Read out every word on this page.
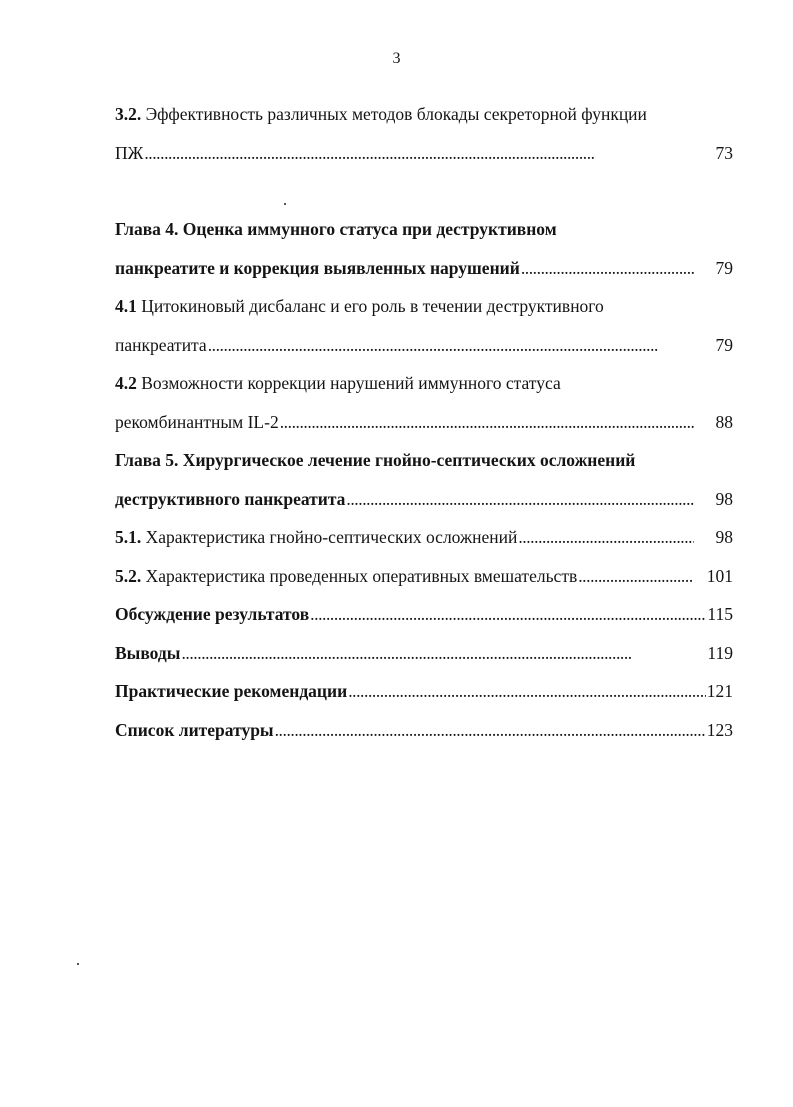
3
3.2. Эффективность различных методов блокады секреторной функции
ПЖ . . .	73
Глава 4. Оценка иммунного статуса при деструктивном
панкреатите и коррекция выявленных нарушений . . .	79
4.1 Цитокиновый дисбаланс и его роль в течении деструктивного
панкреатита . . .	79
4.2 Возможности коррекции нарушений иммунного статуса
рекомбинантным IL-2 . . .	88
Глава 5. Хирургическое лечение гнойно-септических осложнений
деструктивного панкреатита . . .	98
5.1. Характеристика гнойно-септических осложнений . . .	98
5.2. Характеристика проведенных оперативных вмешательств . . .	101
Обсуждение результатов . . .	115
Выводы . . .	119
Практические рекомендации . . .	121
Список литературы . . .	123
